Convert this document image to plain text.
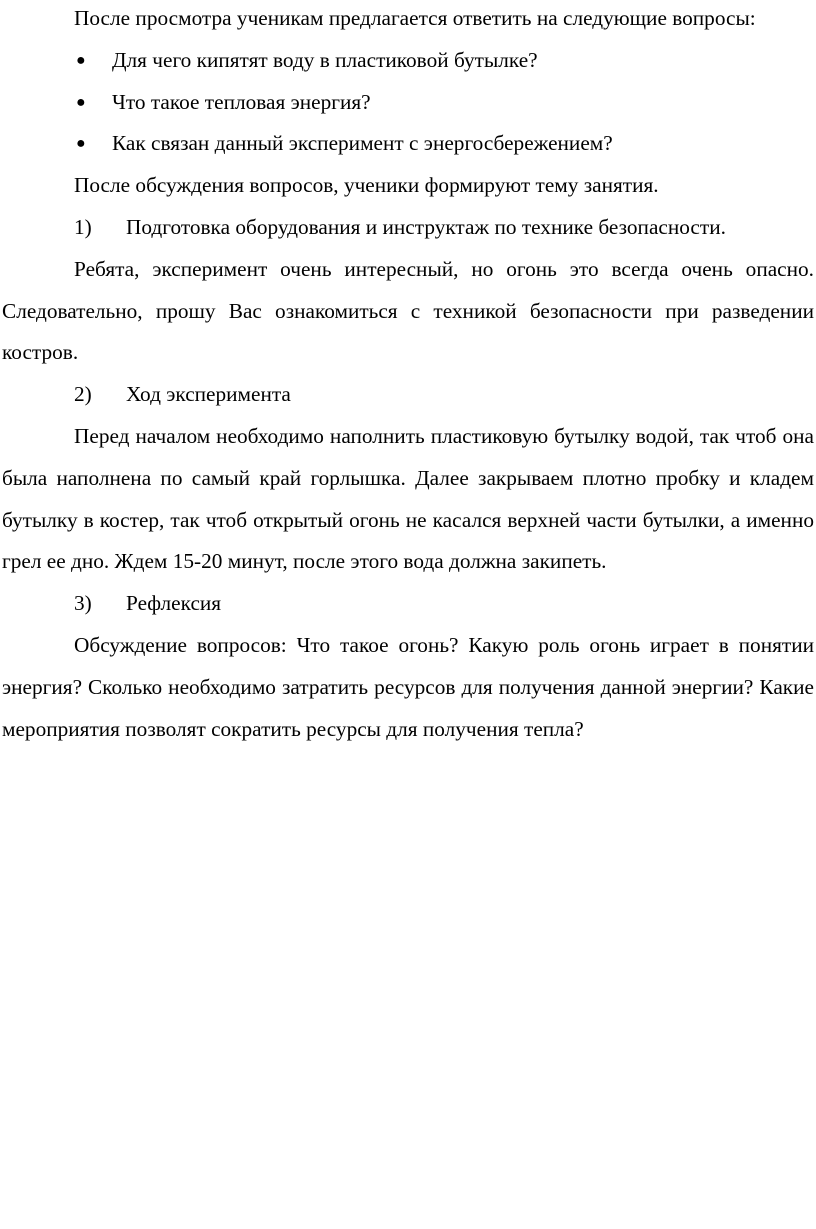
После просмотра ученикам предлагается ответить на следующие вопросы:

● Для чего кипятят воду в пластиковой бутылке?
● Что такое тепловая энергия?
● Как связан данный эксперимент с энергосбережением?

После обсуждения вопросов, ученики формируют тему занятия.

1)	Подготовка оборудования и инструктаж по технике безопасности.

Ребята, эксперимент очень интересный, но огонь это всегда очень опасно. Следовательно, прошу Вас ознакомиться с техникой безопасности при разведении костров.

2)	Ход эксперимента

Перед началом необходимо наполнить пластиковую бутылку водой, так чтоб она была наполнена по самый край горлышка. Далее закрываем плотно пробку и кладем бутылку в костер, так чтоб открытый огонь не касался верхней части бутылки, а именно грел ее дно. Ждем 15-20 минут, после этого вода должна закипеть.

3)	Рефлексия

Обсуждение вопросов: Что такое огонь? Какую роль огонь играет в понятии энергия? Сколько необходимо затратить ресурсов для получения данной энергии? Какие мероприятия позволят сократить ресурсы для получения тепла?
